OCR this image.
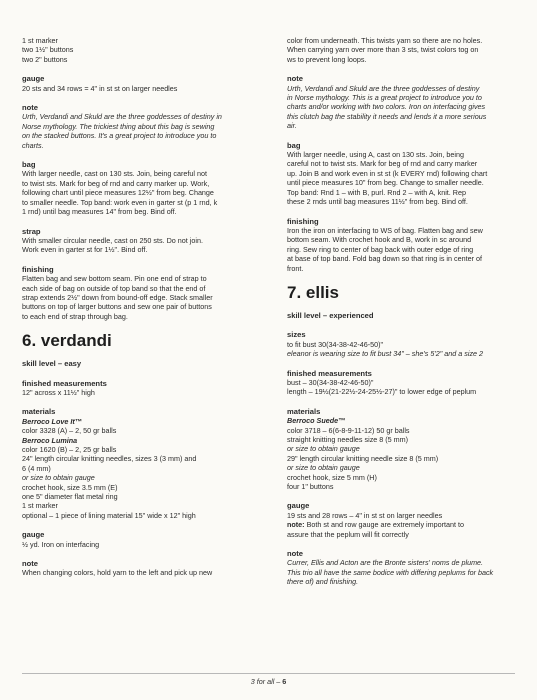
1 st marker
two 1½" buttons
two 2" buttons
gauge
20 sts and 34 rows = 4" in st st on larger needles
note
Urth, Verdandi and Skuld are the three goddesses of destiny in
Norse mythology. The trickiest thing about this bag is sewing
on the stacked buttons. It's a great project to introduce you to
charts.
bag
With larger needle, cast on 130 sts. Join, being careful not
to twist sts. Mark for beg of rnd and carry marker up. Work,
following chart until piece measures 12½" from beg. Change
to smaller needle. Top band: work even in garter st (p 1 rnd, k
1 rnd) until bag measures 14" from beg. Bind off.
strap
With smaller circular needle, cast on 250 sts. Do not join.
Work even in garter st for 1½". Bind off.
finishing
Flatten bag and sew bottom seam. Pin one end of strap to
each side of bag on outside of top band so that the end of
strap extends 2½" down from bound-off edge. Stack smaller
buttons on top of larger buttons and sew one pair of buttons
to each end of strap through bag.
6. verdandi
skill level – easy
finished measurements
12" across x 11½" high
materials
Berroco Love It™
color 3328 (A) – 2, 50 gr balls
Berroco Lumina
color 1620 (B) – 2, 25 gr balls
24" length circular knitting needles, sizes 3 (3 mm) and
6 (4 mm)
or size to obtain gauge
crochet hook, size 3.5 mm (E)
one 5" diameter flat metal ring
1 st marker
optional – 1 piece of lining material 15" wide x 12" high
gauge
½ yd. Iron on interfacing
note
When changing colors, hold yarn to the left and pick up new
color from underneath. This twists yarn so there are no holes.
When carrying yarn over more than 3 sts, twist colors tog on
ws to prevent long loops.
note
Urth, Verdandi and Skuld are the three goddesses of destiny
in Norse mythology. This is a great project to introduce you to
charts and/or working with two colors. Iron on interfacing gives
this clutch bag the stability it needs and lends it a more serious
air.
bag
With larger needle, using A, cast on 130 sts. Join, being
careful not to twist sts. Mark for beg of rnd and carry marker
up. Join B and work even in st st (k EVERY rnd) following chart
until piece measures 10" from beg. Change to smaller needle.
Top band: Rnd 1 – with B, purl. Rnd 2 – with A, knit. Rep
these 2 rnds until bag measures 11½" from beg. Bind off.
finishing
Iron the iron on interfacing to WS of bag. Flatten bag and sew
bottom seam. With crochet hook and B, work in sc around
ring. Sew ring to center of bag back with outer edge of ring
at base of top band. Fold bag down so that ring is in center of
front.
7. ellis
skill level – experienced
sizes
to fit bust 30(34-38-42-46-50)"
eleanor is wearing size to fit bust 34" – she's 5'2" and a size 2
finished measurements
bust – 30(34-38-42-46-50)"
length – 19½(21-22½-24-25½-27)" to lower edge of peplum
materials
Berroco Suede™
color 3718 – 6(6-8-9-11-12) 50 gr balls
straight knitting needles size 8 (5 mm)
or size to obtain gauge
29" length circular knitting needle size 8 (5 mm)
or size to obtain gauge
crochet hook, size 5 mm (H)
four 1" buttons
gauge
19 sts and 28 rows – 4" in st st on larger needles
note: Both st and row gauge are extremely important to
assure that the peplum will fit correctly
note
Currer, Ellis and Acton are the Bronte sisters' noms de plume.
This trio all have the same bodice with differing peplums for back
there of) and finishing.
3 for all – 6
